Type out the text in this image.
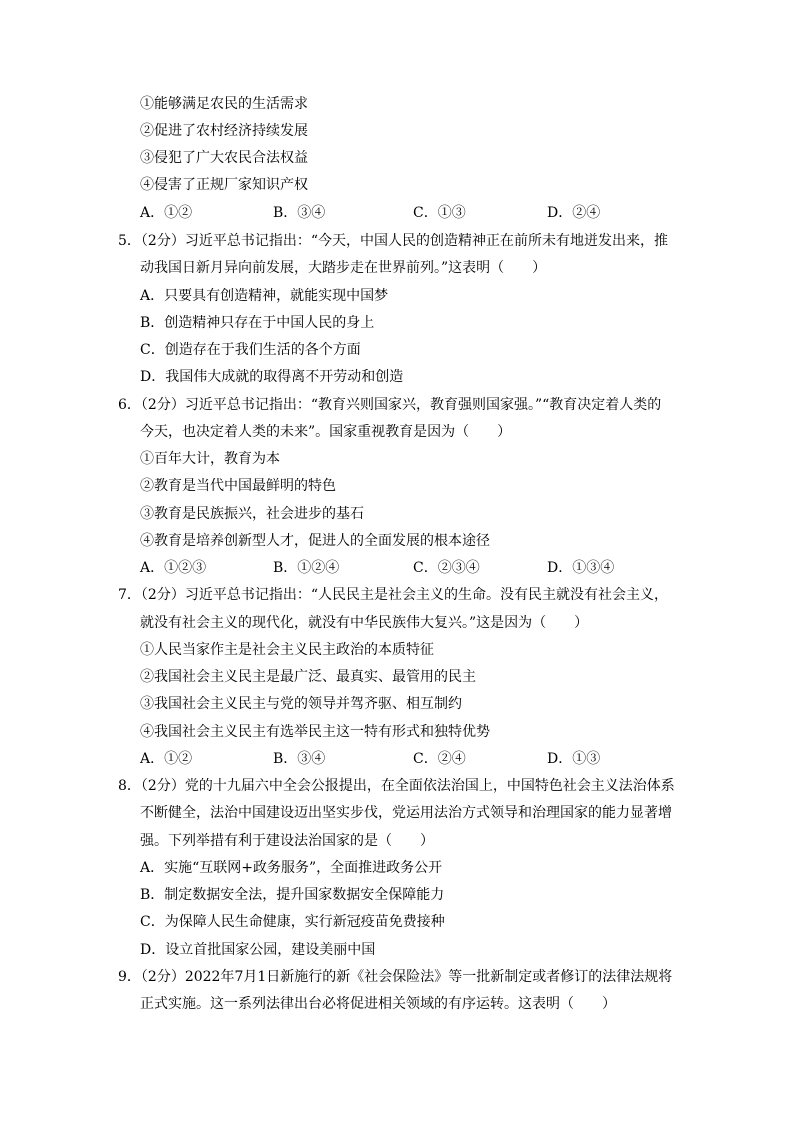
①能够满足农民的生活需求
②促进了农村经济持续发展
③侵犯了广大农民合法权益
④侵害了正规厂家知识产权
A．①②	B．③④	C．①③	D．②④
5．（2分）习近平总书记指出：“今天，中国人民的创造精神正在前所未有地迸发出来，推
动我国日新月异向前发展，大踏步走在世界前列。”这表明（　　）
A．只要具有创造精神，就能实现中国梦
B．创造精神只存在于中国人民的身上
C．创造存在于我们生活的各个方面
D．我国伟大成就的取得离不开劳动和创造
6．（2分）习近平总书记指出：“教育兴则国家兴，教育强则国家强。”“教育决定着人类的
今天，也决定着人类的未来”。国家重视教育是因为（　　）
①百年大计，教育为本
②教育是当代中国最鲜明的特色
③教育是民族振兴，社会进步的基石
④教育是培养创新型人才，促进人的全面发展的根本途径
A．①②③	B．①②④	C．②③④	D．①③④
7．（2分）习近平总书记指出：“人民民主是社会主义的生命。没有民主就没有社会主义，
就没有社会主义的现代化，就没有中华民族伟大复兴。”这是因为（　　）
①人民当家作主是社会主义民主政治的本质特征
②我国社会主义民主是最广泛、最真实、最管用的民主
③我国社会主义民主与党的领导并驾齐驱、相互制约
④我国社会主义民主有选举民主这一特有形式和独特优势
A．①②	B．③④	C．②④	D．①③
8．（2分）党的十九届六中全会公报提出，在全面依法治国上，中国特色社会主义法治体系
不断健全，法治中国建设迈出坚实步伐，党运用法治方式领导和治理国家的能力显著增
强。下列举措有利于建设法治国家的是（　　）
A．实施“互联网+政务服务”，全面推进政务公开
B．制定数据安全法，提升国家数据安全保障能力
C．为保障人民生命健康，实行新冠疫苗免费接种
D．设立首批国家公园，建设美丽中国
9．（2分）2022年7月1日新施行的新《社会保险法》等一批新制定或者修订的法律法规将
正式实施。这一系列法律出台必将促进相关领域的有序运转。这表明（　　）
